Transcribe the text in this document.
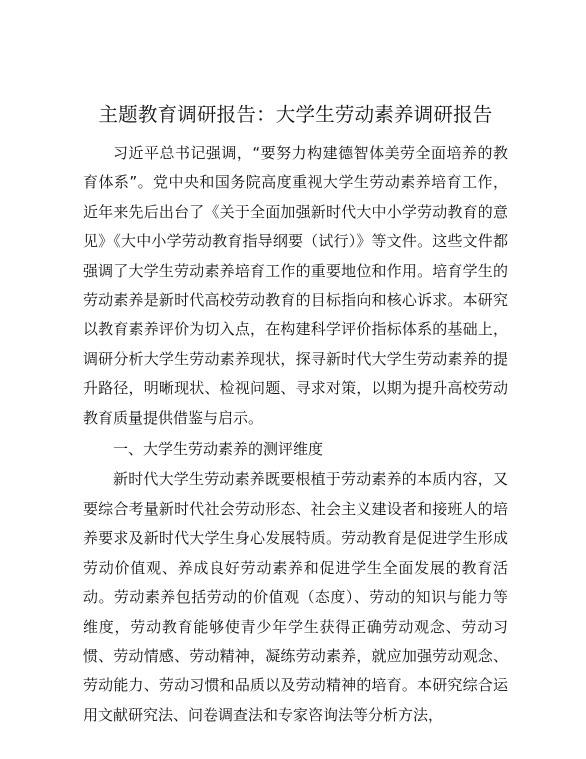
主题教育调研报告：大学生劳动素养调研报告

习近平总书记强调，“要努力构建德智体美劳全面培养的教育体系”。党中央和国务院高度重视大学生劳动素养培育工作，近年来先后出台了《关于全面加强新时代大中小学劳动教育的意见》《大中小学劳动教育指导纲要（试行）》等文件。这些文件都强调了大学生劳动素养培育工作的重要地位和作用。培育学生的劳动素养是新时代高校劳动教育的目标指向和核心诉求。本研究以教育素养评价为切入点，在构建科学评价指标体系的基础上，调研分析大学生劳动素养现状，探寻新时代大学生劳动素养的提升路径，明晰现状、检视问题、寻求对策，以期为提升高校劳动教育质量提供借鉴与启示。

一、大学生劳动素养的测评维度

新时代大学生劳动素养既要根植于劳动素养的本质内容，又要综合考量新时代社会劳动形态、社会主义建设者和接班人的培养要求及新时代大学生身心发展特质。劳动教育是促进学生形成劳动价值观、养成良好劳动素养和促进学生全面发展的教育活动。劳动素养包括劳动的价值观（态度）、劳动的知识与能力等维度，劳动教育能够使青少年学生获得正确劳动观念、劳动习惯、劳动情感、劳动精神，凝练劳动素养，就应加强劳动观念、劳动能力、劳动习惯和品质以及劳动精神的培育。本研究综合运用文献研究法、问卷调查法和专家咨询法等分析方法，
